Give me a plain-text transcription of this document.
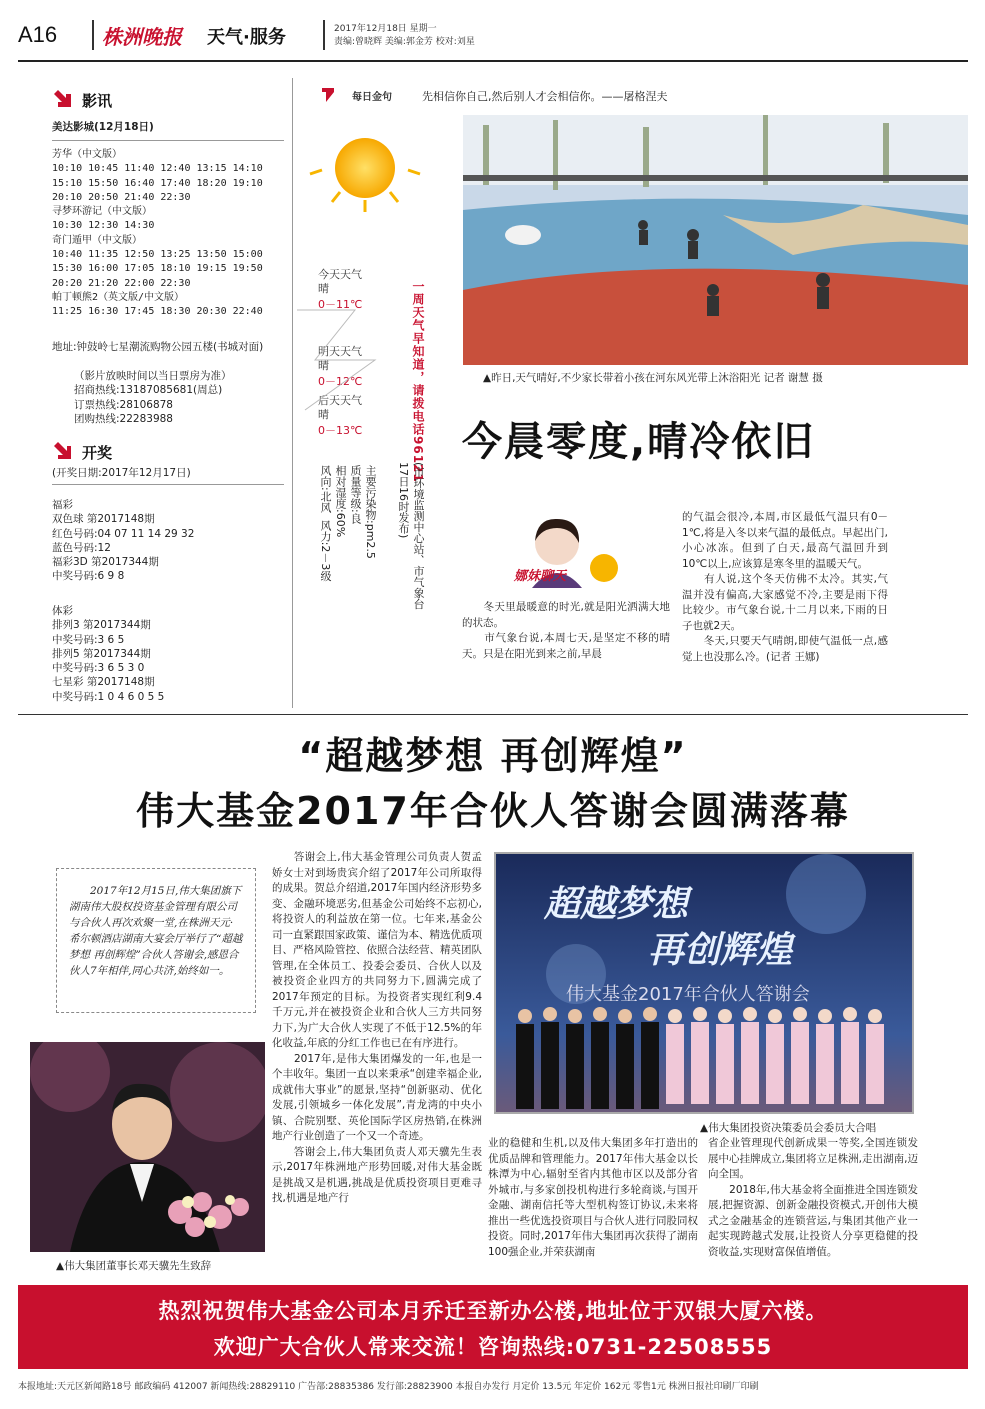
A16 株洲晚报 天气·服务	2017年12月18日 星期一
责编:曾晓辉 美编:郭金芳 校对:刘星
影讯
美达影城(12月18日)
芳华（中文版）
10:10 10:45 11:40 12:40 13:15 14:10
15:10 15:50 16:40 17:40 18:20 19:10
20:10 20:50 21:40 22:30
寻梦环游记（中文版）
10:30 12:30 14:30
奇门遁甲（中文版）
10:40 11:35 12:50 13:25 13:50 15:00
15:30 16:00 17:05 18:10 19:15 19:50
20:20 21:20 22:00 22:30
帕丁顿熊2（英文版/中文版）
11:25 16:30 17:45 18:30 20:30 22:40
地址:钟鼓岭七星潮流购物公园五楼(书城对面)
（影片放映时间以当日票房为准）
招商热线:13187085681(周总)
订票热线:28106878
团购热线:22283988
开奖
(开奖日期:2017年12月17日)
福彩
双色球 第2017148期
红色号码:04 07 11 14 29 32
蓝色号码:12
福彩3D 第2017344期
中奖号码:6 9 8
体彩
排列3 第2017344期
中奖号码:3 6 5
排列5 第2017344期
中奖号码:3 6 5 3 0
七星彩 第2017148期
中奖号码:1 0 4 6 0 5 5
今天天气
晴
0－11℃
明天天气
晴
0－12℃
后天天气
晴
0－13℃
主要污染物:pm2.5
质量等级:良
相对湿度:60%
风向:北风  风力:2－3级
一周天气早知道，请拨电话96121
(市环境监测中心站、市气象台17日16时发布)
每日金句	先相信你自己,然后别人才会相信你。——屠格涅夫
▲昨日,天气晴好,不少家长带着小孩在河东风光带上沐浴阳光 记者 谢慧 摄
今晨零度,晴冷依旧
娜妹聊天
　　冬天里最暖意的时光,就是阳光洒满大地的状态。
　　市气象台说,本周七天,是坚定不移的晴天。只是在阳光到来之前,早晨
的气温会很冷,本周,市区最低气温只有0－1℃,将是入冬以来气温的最低点。早起出门,小心冰冻。但到了白天,最高气温回升到10℃以上,应该算是寒冬里的温暖天气。
　　有人说,这个冬天仿佛不太冷。其实,气温并没有偏高,大家感觉不冷,主要是雨下得比较少。市气象台说,十二月以来,下雨的日子也就2天。
　　冬天,只要天气晴朗,即使气温低一点,感觉上也没那么冷。(记者 王娜)
“超越梦想 再创辉煌”
伟大基金2017年合伙人答谢会圆满落幕
　　2017年12月15日,伟大集团旗下湖南伟大股权投资基金管理有限公司与合伙人再次欢聚一堂,在株洲天元·希尔顿酒店湖南大宴会厅举行了“超越梦想 再创辉煌”合伙人答谢会,感恩合伙人7年相伴,同心共济,始终如一。
▲伟大集团董事长邓天骥先生致辞
　　答谢会上,伟大基金管理公司负责人贺孟娇女士对到场贵宾介绍了2017年公司所取得的成果。贺总介绍道,2017年国内经济形势多变、金融环境恶劣,但基金公司始终不忘初心,将投资人的利益放在第一位。七年来,基金公司一直紧跟国家政策、谨信为本、精选优质项目、严格风险管控、依照合法经营、精英团队管理,在全体员工、投委会委员、合伙人以及被投资企业四方的共同努力下,圆满完成了2017年预定的目标。为投资者实现红利9.4千万元,并在被投资企业和合伙人三方共同努力下,为广大合伙人实现了不低于12.5%的年化收益,年底的分红工作也已在有序进行。
　　2017年,是伟大集团爆发的一年,也是一个丰收年。集团一直以来秉承“创建幸福企业,成就伟大事业”的愿景,坚持“创新驱动、优化发展,引领城乡一体化发展”,青龙湾的中央小镇、合院别墅、英伦国际学区房热销,在株洲地产行业创造了一个又一个奇迹。
　　答谢会上,伟大集团负责人邓天骥先生表示,2017年株洲地产形势回暖,对伟大基金既是挑战又是机遇,挑战是优质投资项目更难寻找,机遇是地产行
超越梦想
再创辉煌
伟大基金2017年合伙人答谢会
▲伟大集团投资决策委员会委员大合唱
业的稳健和生机,以及伟大集团多年打造出的优质品牌和管理能力。2017年伟大基金以长株潭为中心,辐射至省内其他市区以及部分省外城市,与多家创投机构进行多轮商谈,与国开金融、湖南信托等大型机构签订协议,未来将推出一些优选投资项目与合伙人进行同股同权投资。同时,2017年伟大集团再次获得了湖南100强企业,并荣获湖南
省企业管理现代创新成果一等奖,全国连锁发展中心挂牌成立,集团将立足株洲,走出湖南,迈向全国。
　　2018年,伟大基金将全面推进全国连锁发展,把握资源、创新金融投资模式,开创伟大模式之金融基金的连锁营运,与集团其他产业一起实现跨越式发展,让投资人分享更稳健的投资收益,实现财富保值增值。
热烈祝贺伟大基金公司本月乔迁至新办公楼,地址位于双银大厦六楼。
欢迎广大合伙人常来交流！咨询热线:0731-22508555
本报地址:天元区新闻路18号 邮政编码 412007 新闻热线:28829110 广告部:28835386 发行部:28823900 本报自办发行 月定价 13.5元 年定价 162元 零售1元 株洲日报社印刷厂印刷
